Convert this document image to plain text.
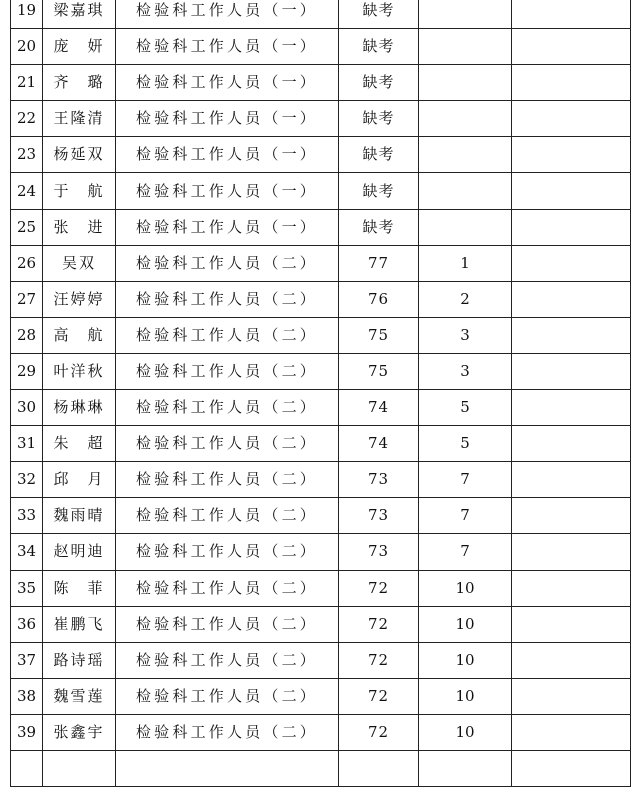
19	梁嘉琪	检验科工作人员（一）	缺考		
20	庞　妍	检验科工作人员（一）	缺考		
21	齐　璐	检验科工作人员（一）	缺考		
22	王隆清	检验科工作人员（一）	缺考		
23	杨延双	检验科工作人员（一）	缺考		
24	于　航	检验科工作人员（一）	缺考		
25	张　进	检验科工作人员（一）	缺考		
26	吴双	检验科工作人员（二）	77	1	
27	汪婷婷	检验科工作人员（二）	76	2	
28	高　航	检验科工作人员（二）	75	3	
29	叶洋秋	检验科工作人员（二）	75	3	
30	杨琳琳	检验科工作人员（二）	74	5	
31	朱　超	检验科工作人员（二）	74	5	
32	邱　月	检验科工作人员（二）	73	7	
33	魏雨晴	检验科工作人员（二）	73	7	
34	赵明迪	检验科工作人员（二）	73	7	
35	陈　菲	检验科工作人员（二）	72	10	
36	崔鹏飞	检验科工作人员（二）	72	10	
37	路诗瑶	检验科工作人员（二）	72	10	
38	魏雪莲	检验科工作人员（二）	72	10	
39	张鑫宇	检验科工作人员（二）	72	10	
